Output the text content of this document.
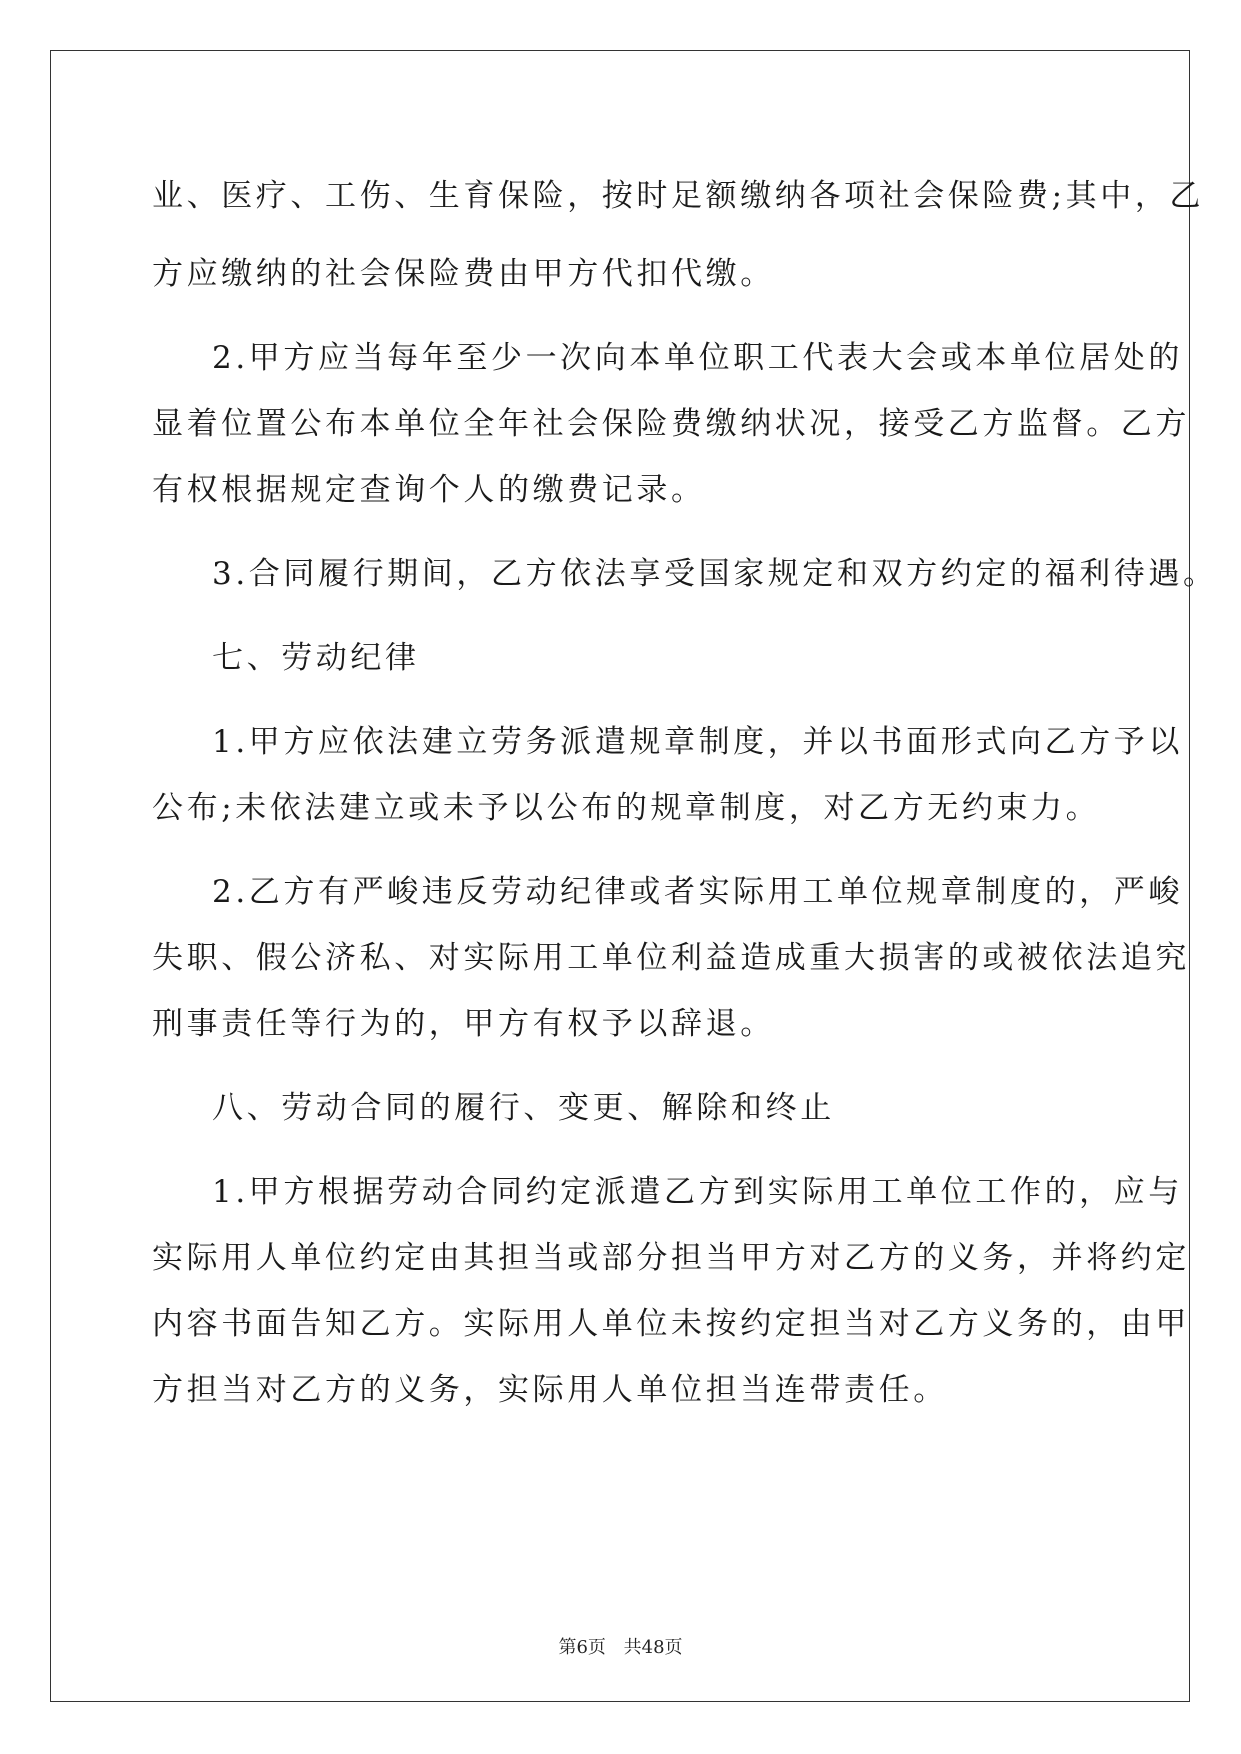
业、医疗、工伤、生育保险，按时足额缴纳各项社会保险费;其中，乙
方应缴纳的社会保险费由甲方代扣代缴。
2.甲方应当每年至少一次向本单位职工代表大会或本单位居处的
显着位置公布本单位全年社会保险费缴纳状况，接受乙方监督。乙方
有权根据规定查询个人的缴费记录。
3.合同履行期间，乙方依法享受国家规定和双方约定的福利待遇。
七、劳动纪律
1.甲方应依法建立劳务派遣规章制度，并以书面形式向乙方予以
公布;未依法建立或未予以公布的规章制度，对乙方无约束力。
2.乙方有严峻违反劳动纪律或者实际用工单位规章制度的，严峻
失职、假公济私、对实际用工单位利益造成重大损害的或被依法追究
刑事责任等行为的，甲方有权予以辞退。
八、劳动合同的履行、变更、解除和终止
1.甲方根据劳动合同约定派遣乙方到实际用工单位工作的，应与
实际用人单位约定由其担当或部分担当甲方对乙方的义务，并将约定
内容书面告知乙方。实际用人单位未按约定担当对乙方义务的，由甲
方担当对乙方的义务，实际用人单位担当连带责任。
第6页 共48页
